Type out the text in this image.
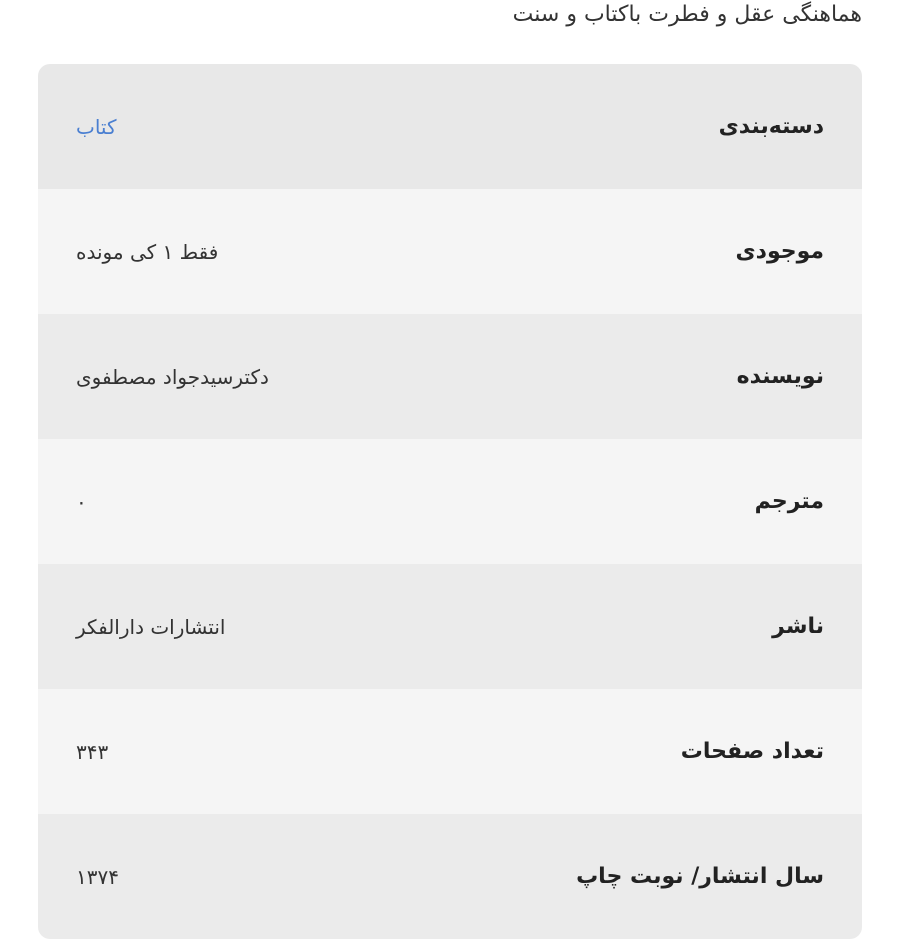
هماهنگی عقل و فطرت باکتاب و سنت
دسته‌بندی
کتاب
موجودی
فقط ۱ کی مونده
نویسنده
دکترسیدجواد مصطفوی
مترجم
۰
ناشر
انتشارات دارالفکر
تعداد صفحات
۳۴۳
سال انتشار/ نوبت چاپ
۱۳۷۴
